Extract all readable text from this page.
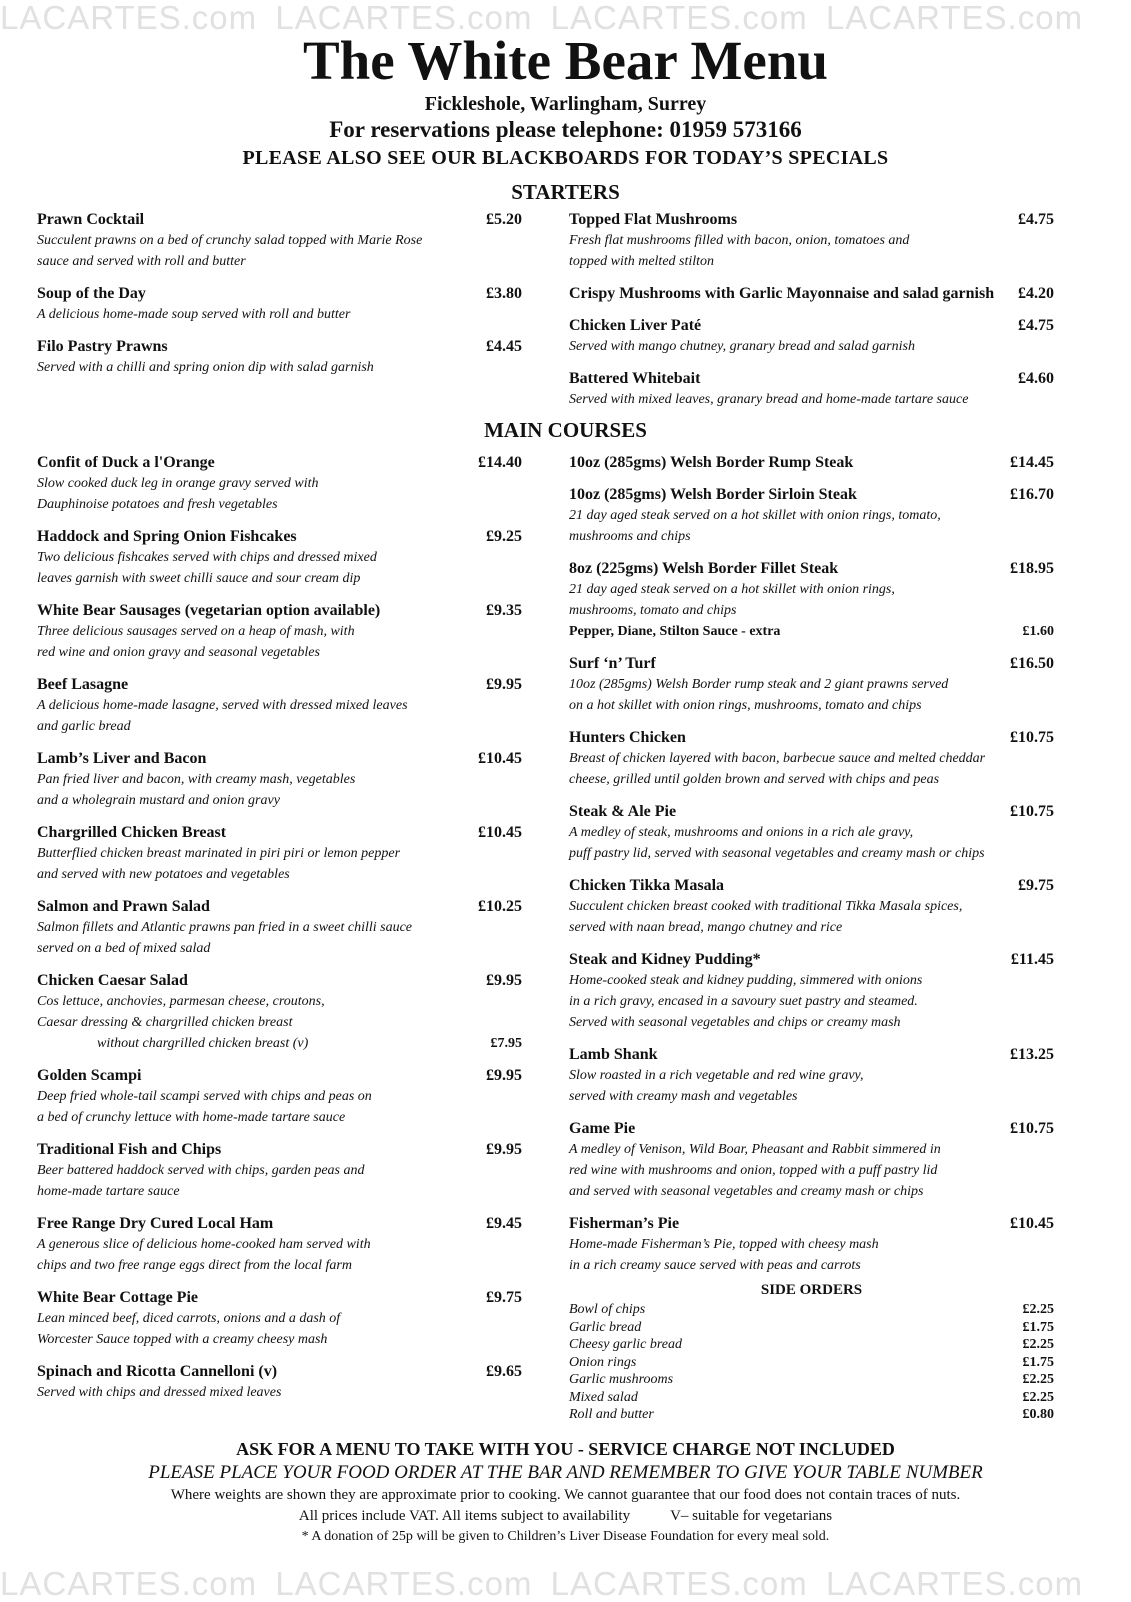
LACARTES.com LACARTES.com LACARTES.com LACARTES.com
The White Bear Menu
Fickleshole, Warlingham, Surrey
For reservations please telephone: 01959 573166
PLEASE ALSO SEE OUR BLACKBOARDS FOR TODAY’S SPECIALS
STARTERS
Prawn Cocktail	£5.20
Succulent prawns on a bed of crunchy salad topped with Marie Rose
sauce and served with roll and butter
Soup of the Day	£3.80
A delicious home-made soup served with roll and butter
Filo Pastry Prawns	£4.45
Served with a chilli and spring onion dip with salad garnish
Topped Flat Mushrooms	£4.75
Fresh flat mushrooms filled with bacon, onion, tomatoes and
topped with melted stilton
Crispy Mushrooms with Garlic Mayonnaise and salad garnish £4.20
Chicken Liver Paté	£4.75
Served with mango chutney, granary bread and salad garnish
Battered Whitebait	£4.60
Served with mixed leaves, granary bread and home-made tartare sauce
MAIN COURSES
Confit of Duck a l'Orange	£14.40
Slow cooked duck leg in orange gravy served with
Dauphinoise potatoes and fresh vegetables
Haddock and Spring Onion Fishcakes	£9.25
Two delicious fishcakes served with chips and dressed mixed
leaves garnish with sweet chilli sauce and sour cream dip
White Bear Sausages (vegetarian option available)	£9.35
Three delicious sausages served on a heap of mash, with
red wine and onion gravy and seasonal vegetables
Beef Lasagne	£9.95
A delicious home-made lasagne, served with dressed mixed leaves
and garlic bread
Lamb’s Liver and Bacon	£10.45
Pan fried liver and bacon, with creamy mash, vegetables
and a wholegrain mustard and onion gravy
Chargrilled Chicken Breast	£10.45
Butterflied chicken breast marinated in piri piri or lemon pepper
and served with new potatoes and vegetables
Salmon and Prawn Salad	£10.25
Salmon fillets and Atlantic prawns pan fried in a sweet chilli sauce
served on a bed of mixed salad
Chicken Caesar Salad	£9.95
Cos lettuce, anchovies, parmesan cheese, croutons,
Caesar dressing & chargrilled chicken breast
without chargrilled chicken breast (v)	£7.95
Golden Scampi	£9.95
Deep fried whole-tail scampi served with chips and peas on
a bed of crunchy lettuce with home-made tartare sauce
Traditional Fish and Chips	£9.95
Beer battered haddock served with chips, garden peas and
home-made tartare sauce
Free Range Dry Cured Local Ham	£9.45
A generous slice of delicious home-cooked ham served with
chips and two free range eggs direct from the local farm
White Bear Cottage Pie	£9.75
Lean minced beef, diced carrots, onions and a dash of
Worcester Sauce topped with a creamy cheesy mash
Spinach and Ricotta Cannelloni (v)	£9.65
Served with chips and dressed mixed leaves
10oz (285gms) Welsh Border Rump Steak	£14.45
10oz (285gms) Welsh Border Sirloin Steak	£16.70
21 day aged steak served on a hot skillet with onion rings, tomato,
mushrooms and chips
8oz (225gms) Welsh Border Fillet Steak	£18.95
21 day aged steak served on a hot skillet with onion rings,
mushrooms, tomato and chips
Pepper, Diane, Stilton Sauce - extra	£1.60
Surf ‘n’ Turf	£16.50
10oz (285gms) Welsh Border rump steak and 2 giant prawns served
on a hot skillet with onion rings, mushrooms, tomato and chips
Hunters Chicken	£10.75
Breast of chicken layered with bacon, barbecue sauce and melted cheddar
cheese, grilled until golden brown and served with chips and peas
Steak & Ale Pie	£10.75
A medley of steak, mushrooms and onions in a rich ale gravy,
puff pastry lid, served with seasonal vegetables and creamy mash or chips
Chicken Tikka Masala	£9.75
Succulent chicken breast cooked with traditional Tikka Masala spices,
served with naan bread, mango chutney and rice
Steak and Kidney Pudding*	£11.45
Home-cooked steak and kidney pudding, simmered with onions
in a rich gravy, encased in a savoury suet pastry and steamed.
Served with seasonal vegetables and chips or creamy mash
Lamb Shank	£13.25
Slow roasted in a rich vegetable and red wine gravy,
served with creamy mash and vegetables
Game Pie	£10.75
A medley of Venison, Wild Boar, Pheasant and Rabbit simmered in
red wine with mushrooms and onion, topped with a puff pastry lid
and served with seasonal vegetables and creamy mash or chips
Fisherman’s Pie	£10.45
Home-made Fisherman’s Pie, topped with cheesy mash
in a rich creamy sauce served with peas and carrots
SIDE ORDERS
Bowl of chips	£2.25
Garlic bread	£1.75
Cheesy garlic bread	£2.25
Onion rings	£1.75
Garlic mushrooms	£2.25
Mixed salad	£2.25
Roll and butter	£0.80
ASK FOR A MENU TO TAKE WITH YOU - SERVICE CHARGE NOT INCLUDED
PLEASE PLACE YOUR FOOD ORDER AT THE BAR AND REMEMBER TO GIVE YOUR TABLE NUMBER
Where weights are shown they are approximate prior to cooking. We cannot guarantee that our food does not contain traces of nuts.
All prices include VAT. All items subject to availability	V– suitable for vegetarians
* A donation of 25p will be given to Children’s Liver Disease Foundation for every meal sold.
LACARTES.com LACARTES.com LACARTES.com LACARTES.com
